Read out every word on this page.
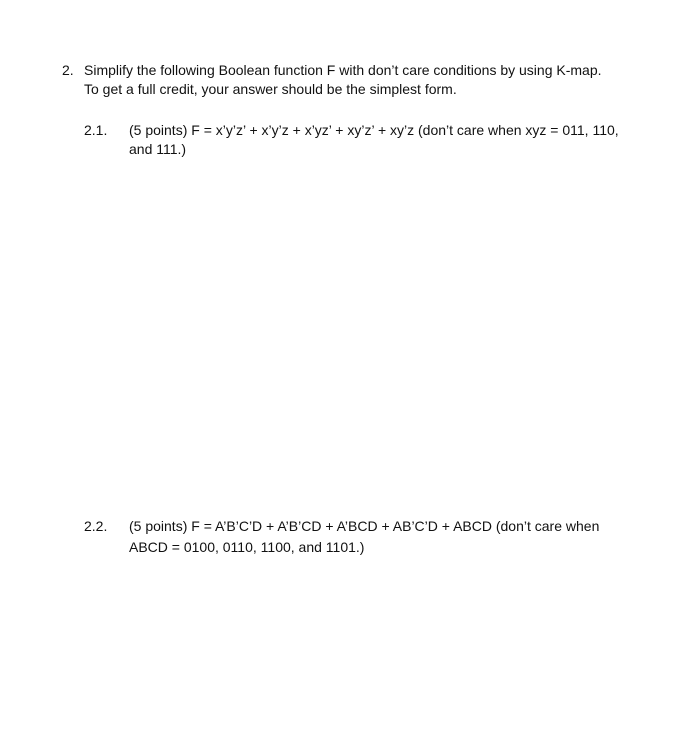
2. Simplify the following Boolean function F with don’t care conditions by using K-map.
To get a full credit, your answer should be the simplest form.
2.1. (5 points) F = x’y’z’ + x’y’z + x’yz’ + xy’z’ + xy’z (don’t care when xyz = 011, 110,
and 111.)
2.2. (5 points) F = A’B’C’D + A’B’CD + A’BCD + AB’C’D + ABCD (don’t care when
ABCD = 0100, 0110, 1100, and 1101.)
